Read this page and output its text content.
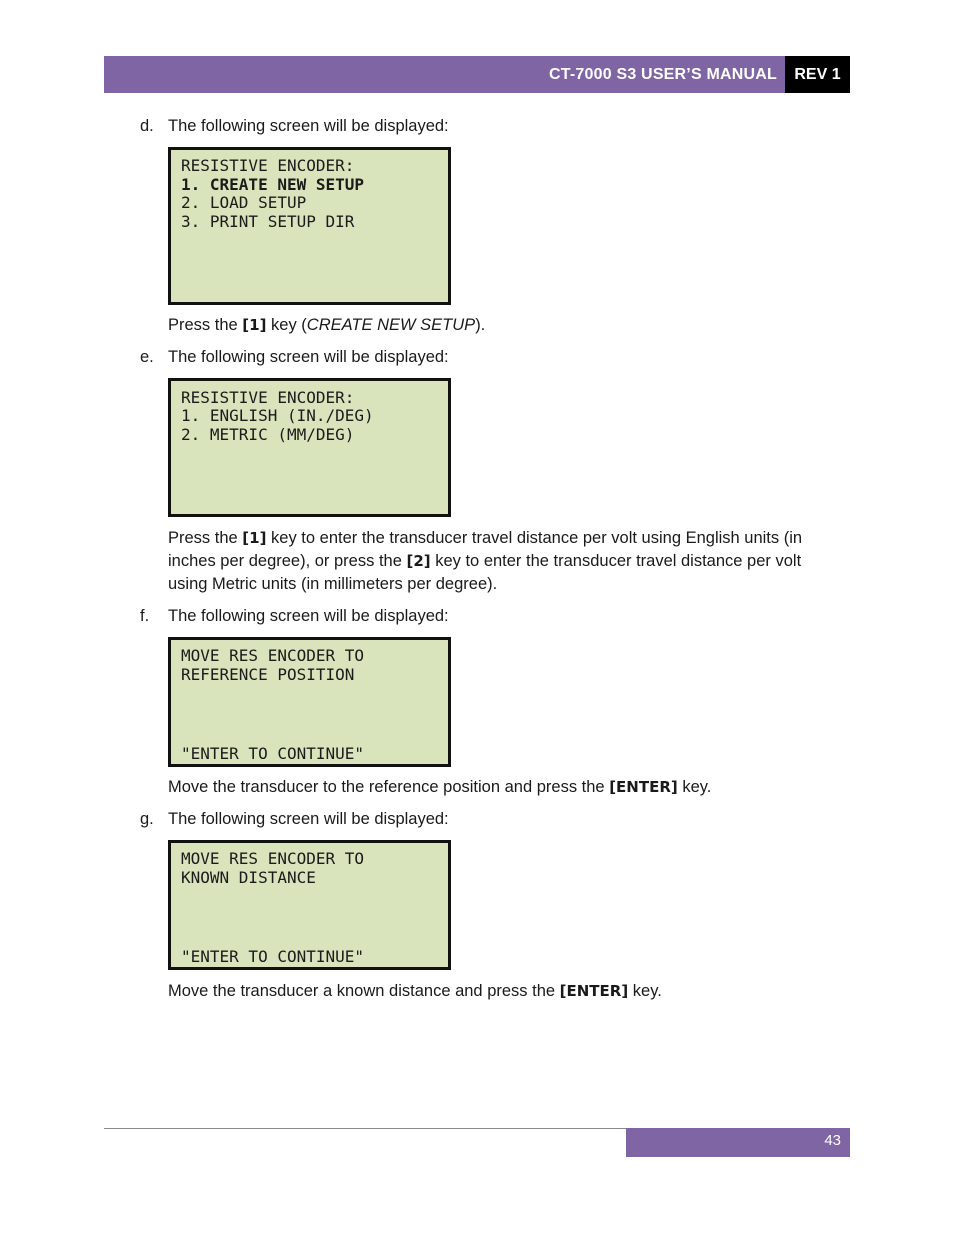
CT-7000 S3 USER’S MANUAL	REV 1
d. The following screen will be displayed:
RESISTIVE ENCODER:
1. CREATE NEW SETUP
2. LOAD SETUP
3. PRINT SETUP DIR
Press the [1] key (CREATE NEW SETUP).
e. The following screen will be displayed:
RESISTIVE ENCODER:
1. ENGLISH (IN./DEG)
2. METRIC (MM/DEG)
Press the [1] key to enter the transducer travel distance per volt using English units (in inches per degree), or press the [2] key to enter the transducer travel distance per volt using Metric units (in millimeters per degree).
f.	The following screen will be displayed:
MOVE RES ENCODER TO
REFERENCE POSITION
"ENTER TO CONTINUE"
Move the transducer to the reference position and press the [ENTER] key.
g. The following screen will be displayed:
MOVE RES ENCODER TO
KNOWN DISTANCE
"ENTER TO CONTINUE"
Move the transducer a known distance and press the [ENTER] key.
43
